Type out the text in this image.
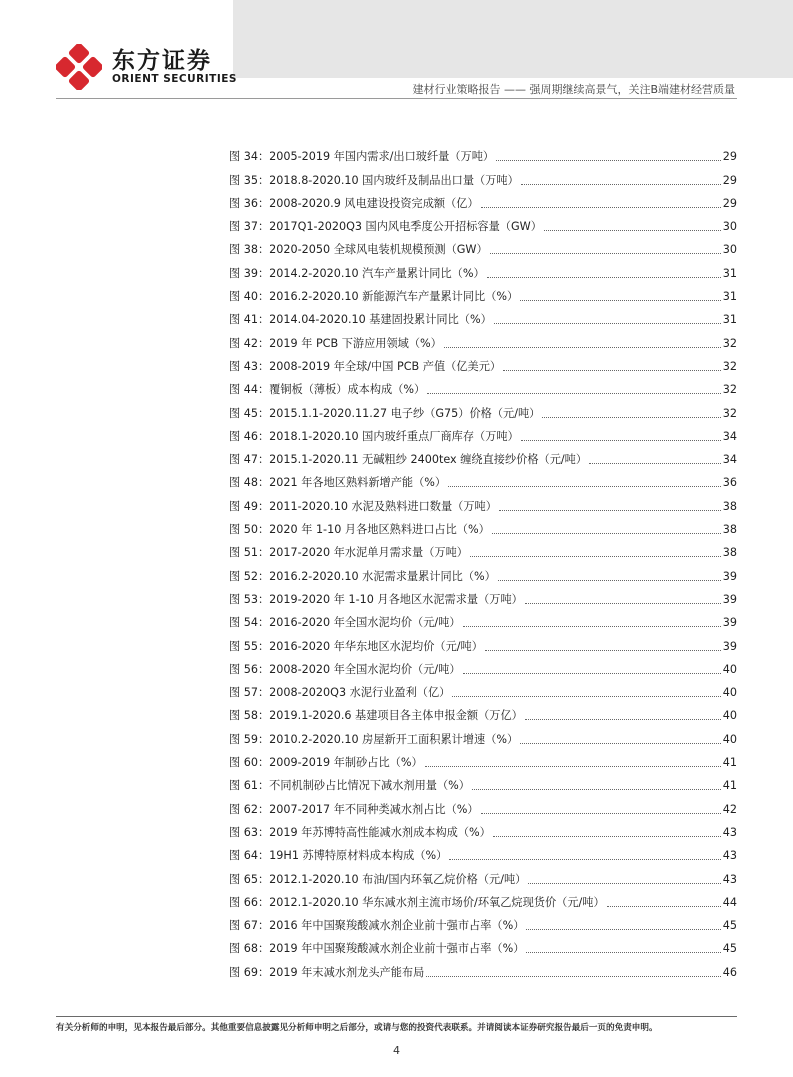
东方证券
ORIENT SECURITIES
建材行业策略报告 —— 强周期继续高景气，关注B端建材经营质量
图 34：2005-2019 年国内需求/出口玻纤量（万吨）	29
图 35：2018.8-2020.10 国内玻纤及制品出口量（万吨）	29
图 36：2008-2020.9 风电建设投资完成额（亿）	29
图 37：2017Q1-2020Q3 国内风电季度公开招标容量（GW）	30
图 38：2020-2050 全球风电装机规模预测（GW）	30
图 39：2014.2-2020.10 汽车产量累计同比（%）	31
图 40：2016.2-2020.10 新能源汽车产量累计同比（%）	31
图 41：2014.04-2020.10 基建固投累计同比（%）	31
图 42：2019 年 PCB 下游应用领域（%）	32
图 43：2008-2019 年全球/中国 PCB 产值（亿美元）	32
图 44：覆铜板（薄板）成本构成（%）	32
图 45：2015.1.1-2020.11.27 电子纱（G75）价格（元/吨）	32
图 46：2018.1-2020.10 国内玻纤重点厂商库存（万吨）	34
图 47：2015.1-2020.11 无碱粗纱 2400tex 缠绕直接纱价格（元/吨）	34
图 48：2021 年各地区熟料新增产能（%）	36
图 49：2011-2020.10 水泥及熟料进口数量（万吨）	38
图 50：2020 年 1-10 月各地区熟料进口占比（%）	38
图 51：2017-2020 年水泥单月需求量（万吨）	38
图 52：2016.2-2020.10 水泥需求量累计同比（%）	39
图 53：2019-2020 年 1-10 月各地区水泥需求量（万吨）	39
图 54：2016-2020 年全国水泥均价（元/吨）	39
图 55：2016-2020 年华东地区水泥均价（元/吨）	39
图 56：2008-2020 年全国水泥均价（元/吨）	40
图 57：2008-2020Q3 水泥行业盈利（亿）	40
图 58：2019.1-2020.6 基建项目各主体申报金额（万亿）	40
图 59：2010.2-2020.10 房屋新开工面积累计增速（%）	40
图 60：2009-2019 年制砂占比（%）	41
图 61：不同机制砂占比情况下减水剂用量（%）	41
图 62：2007-2017 年不同种类减水剂占比（%）	42
图 63：2019 年苏博特高性能减水剂成本构成（%）	43
图 64：19H1 苏博特原材料成本构成（%）	43
图 65：2012.1-2020.10 布油/国内环氧乙烷价格（元/吨）	43
图 66：2012.1-2020.10 华东减水剂主流市场价/环氧乙烷现货价（元/吨）	44
图 67：2016 年中国聚羧酸减水剂企业前十强市占率（%）	45
图 68：2019 年中国聚羧酸减水剂企业前十强市占率（%）	45
图 69：2019 年末减水剂龙头产能布局	46
有关分析师的申明，见本报告最后部分。其他重要信息披露见分析师申明之后部分，或请与您的投资代表联系。并请阅读本证券研究报告最后一页的免责申明。
4
